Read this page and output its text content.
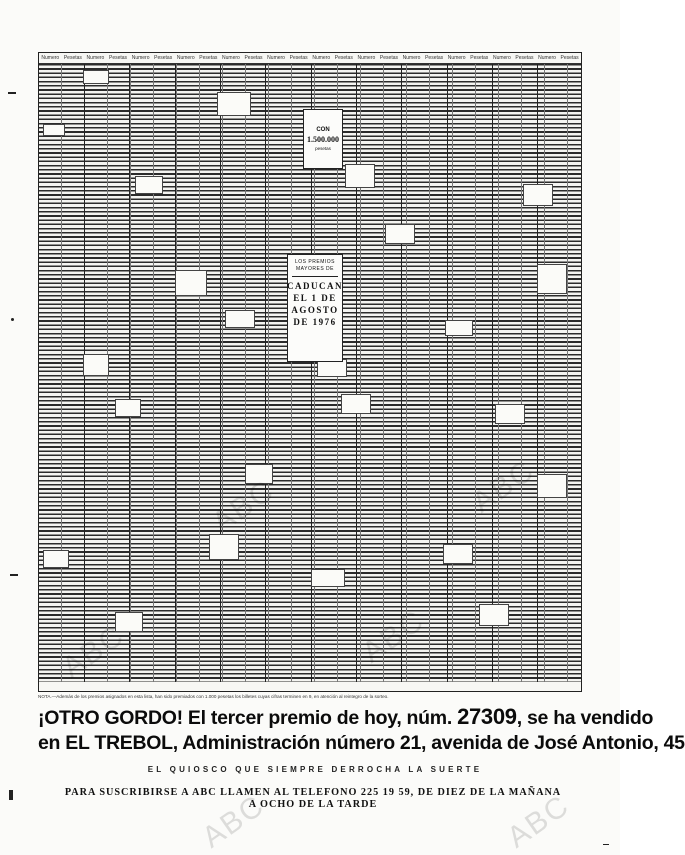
Numero Pesetas Numero Pesetas Numero Pesetas Numero Pesetas Numero Pesetas Numero Pesetas Numero Pesetas Numero Pesetas Numero Pesetas Numero Pesetas Numero Pesetas Numero Pesetas
CON
1.500.000
pesetas
LOS PREMIOS
MAYORES DE
CADUCAN
EL 1 DE
AGOSTO
DE 1976
NOTA.—Además de los premios asignados en esta lista, han sido premiados con 1.000 pesetas los billetes cuyas cifras terminen en 9, en atención al reintegro de la sorteo.
¡OTRO GORDO! El tercer premio de hoy, núm. 27309, se ha vendido
en EL TREBOL, Administración número 21, avenida de José Antonio, 45
EL QUIOSCO QUE SIEMPRE DERROCHA LA SUERTE
PARA SUSCRIBIRSE A ABC LLAMEN AL TELEFONO 225 19 59, DE DIEZ DE LA MAÑANA
A OCHO DE LA TARDE
ABC	ABC
